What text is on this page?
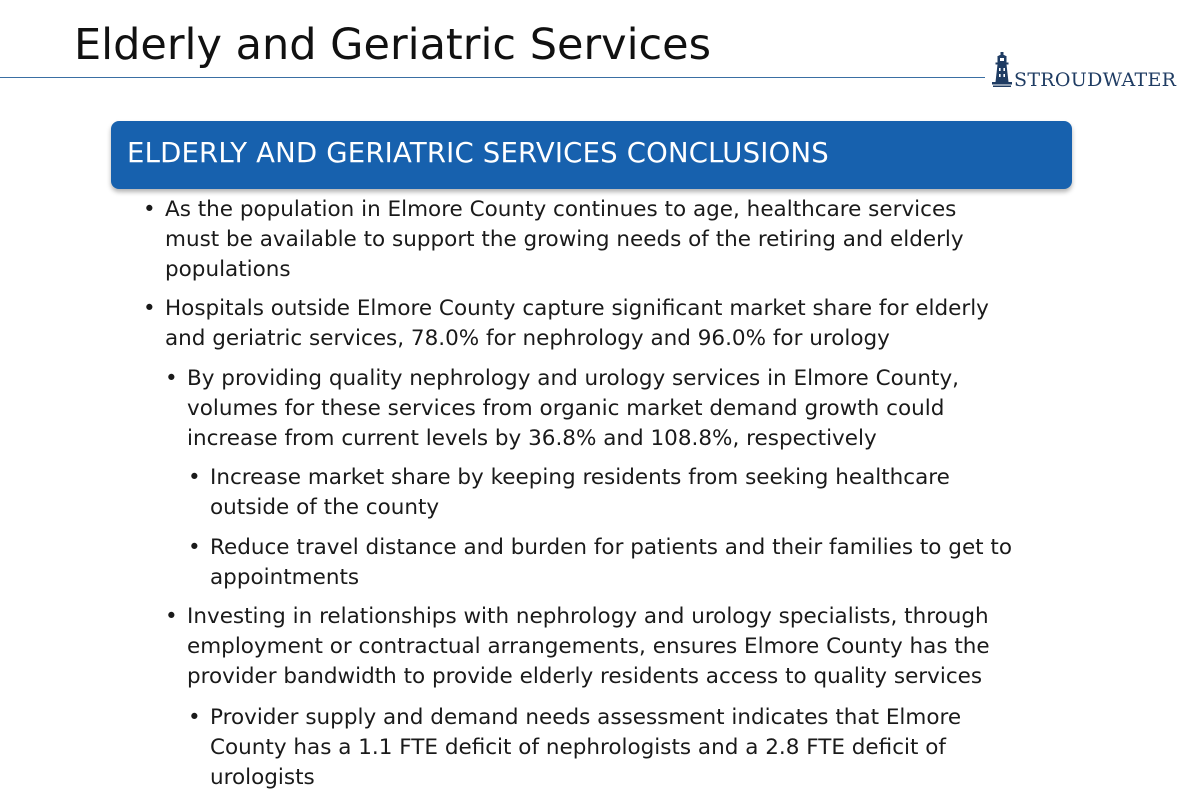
Elderly and Geriatric Services
STROUDWATER
ELDERLY AND GERIATRIC SERVICES CONCLUSIONS
• As the population in Elmore County continues to age, healthcare services
must be available to support the growing needs of the retiring and elderly
populations
• Hospitals outside Elmore County capture significant market share for elderly
and geriatric services, 78.0% for nephrology and 96.0% for urology
• By providing quality nephrology and urology services in Elmore County,
volumes for these services from organic market demand growth could
increase from current levels by 36.8% and 108.8%, respectively
• Increase market share by keeping residents from seeking healthcare
outside of the county
• Reduce travel distance and burden for patients and their families to get to
appointments
• Investing in relationships with nephrology and urology specialists, through
employment or contractual arrangements, ensures Elmore County has the
provider bandwidth to provide elderly residents access to quality services
• Provider supply and demand needs assessment indicates that Elmore
County has a 1.1 FTE deficit of nephrologists and a 2.8 FTE deficit of
urologists
